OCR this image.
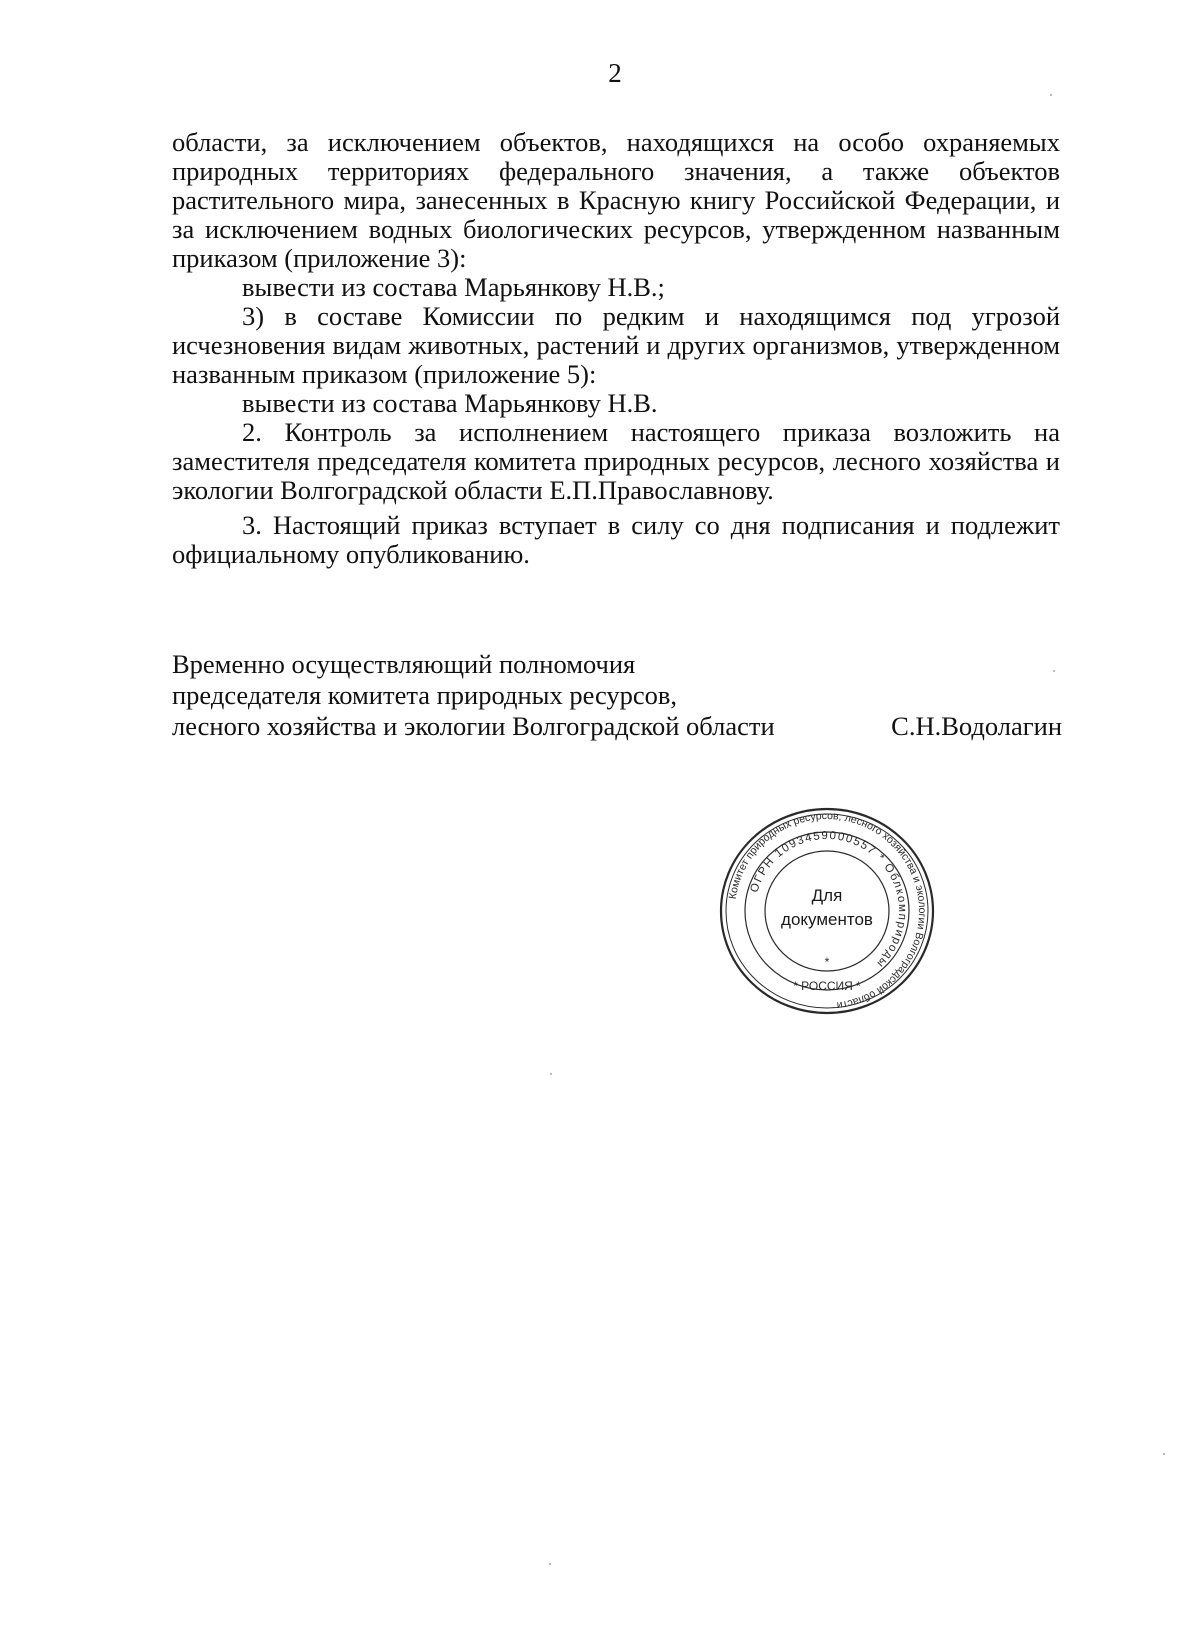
2

области, за исключением объектов, находящихся на особо охраняемых природных территориях федерального значения, а также объектов растительного мира, занесенных в Красную книгу Российской Федерации, и за исключением водных биологических ресурсов, утвержденном названным приказом (приложение 3):

вывести из состава Марьянкову Н.В.;

3) в составе Комиссии по редким и находящимся под угрозой исчезновения видам животных, растений и других организмов, утвержденном названным приказом (приложение 5):

вывести из состава Марьянкову Н.В.

2. Контроль за исполнением настоящего приказа возложить на заместителя председателя комитета природных ресурсов, лесного хозяйства и экологии Волгоградской области Е.П.Православнову.

3. Настоящий приказ вступает в силу со дня подписания и подлежит официальному опубликованию.

Временно осуществляющий полномочия
председателя комитета природных ресурсов,
лесного хозяйства и экологии Волгоградской области	С.Н.Водолагин
Комитет природных ресурсов, лесного хозяйства и экологии Волгоградской области
ОГРН 1093459000557 * Облкомприроды
* РОССИЯ *
*
Для
документов
